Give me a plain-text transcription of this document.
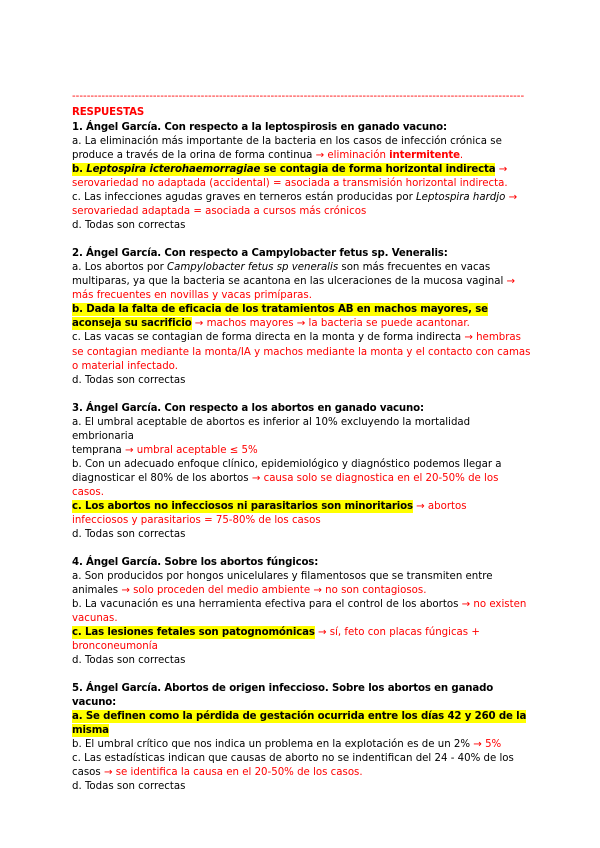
---------------------------------------------------------------------------------------------------------------------------
RESPUESTAS
1. Ángel García. Con respecto a la leptospirosis en ganado vacuno:
a. La eliminación más importante de la bacteria en los casos de infección crónica se
produce a través de la orina de forma continua → eliminación intermitente.
b. Leptospira icterohaemorragiae se contagia de forma horizontal indirecta →
serovariedad no adaptada (accidental) = asociada a transmisión horizontal indirecta.
c. Las infecciones agudas graves en terneros están producidas por Leptospira hardjo →
serovariedad adaptada = asociada a cursos más crónicos
d. Todas son correctas
2. Ángel García. Con respecto a Campylobacter fetus sp. Veneralis:
a. Los abortos por Campylobacter fetus sp veneralis son más frecuentes en vacas
multiparas, ya que la bacteria se acantona en las ulceraciones de la mucosa vaginal →
más frecuentes en novillas y vacas primíparas.
b. Dada la falta de eficacia de los tratamientos AB en machos mayores, se
aconseja su sacrificio → machos mayores → la bacteria se puede acantonar.
c. Las vacas se contagian de forma directa en la monta y de forma indirecta → hembras
se contagian mediante la monta/IA y machos mediante la monta y el contacto con camas
o material infectado.
d. Todas son correctas
3. Ángel García. Con respecto a los abortos en ganado vacuno:
a. El umbral aceptable de abortos es inferior al 10% excluyendo la mortalidad
embrionaria
temprana → umbral aceptable ≤ 5%
b. Con un adecuado enfoque clínico, epidemiológico y diagnóstico podemos llegar a
diagnosticar el 80% de los abortos → causa solo se diagnostica en el 20-50% de los
casos.
c. Los abortos no infecciosos ni parasitarios son minoritarios → abortos
infecciosos y parasitarios = 75-80% de los casos
d. Todas son correctas
4. Ángel García. Sobre los abortos fúngicos:
a. Son producidos por hongos unicelulares y filamentosos que se transmiten entre
animales → solo proceden del medio ambiente → no son contagiosos.
b. La vacunación es una herramienta efectiva para el control de los abortos → no existen
vacunas.
c. Las lesiones fetales son patognomónicas → sí, feto con placas fúngicas +
bronconeumonía
d. Todas son correctas
5. Ángel García. Abortos de origen infeccioso. Sobre los abortos en ganado
vacuno:
a. Se definen como la pérdida de gestación ocurrida entre los días 42 y 260 de la
misma
b. El umbral crítico que nos indica un problema en la explotación es de un 2% → 5%
c. Las estadísticas indican que causas de aborto no se indentifican del 24 - 40% de los
casos → se identifica la causa en el 20-50% de los casos.
d. Todas son correctas
